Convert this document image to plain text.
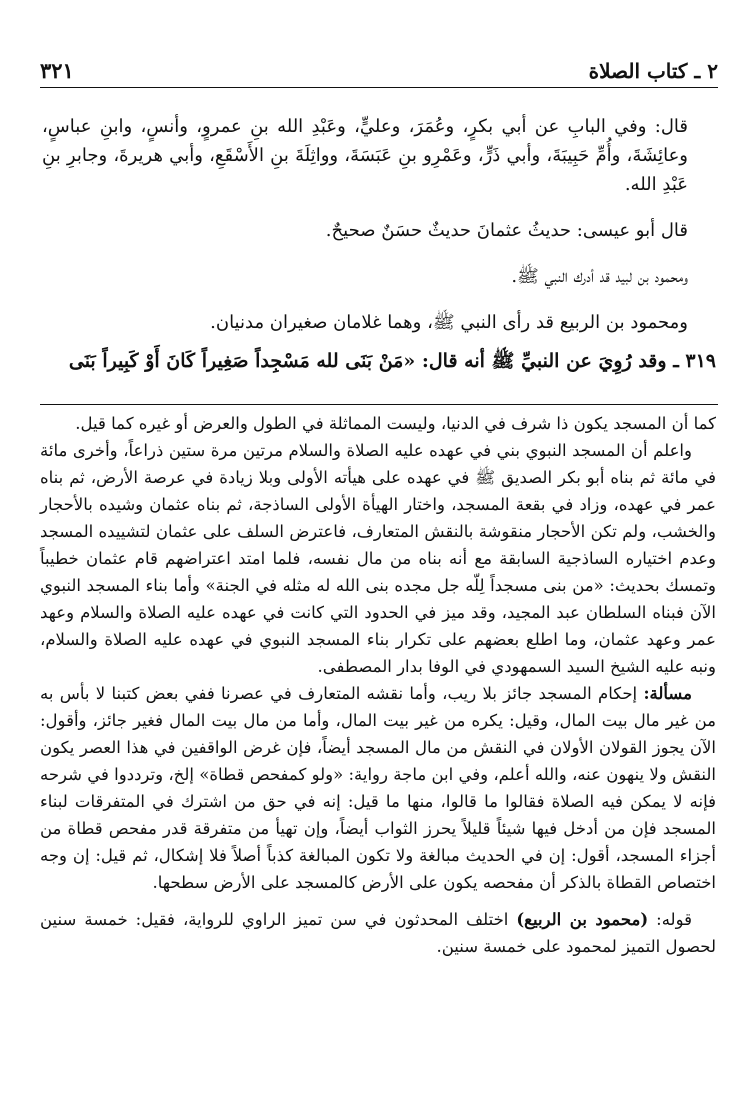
٢ ـ كتاب الصلاة
٣٢١

قال: وفي البابِ عن أبي بكرٍ، وعُمَرَ، وعليٍّ، وعَبْدِ الله بنِ عمروٍ، وأنسٍ، وابنِ عباسٍ، وعائِشَةَ، وأُمِّ حَبِيبَةَ، وأبي ذَرٍّ، وعَمْرِو بنِ عَبَسَةَ، وواثِلَةَ بنِ الأَسْقَعِ، وأبي هريرةَ، وجابرِ بنِ عَبْدِ الله.

قال أبو عيسى: حديثُ عثمانَ حديثٌ حسَنٌ صحيحٌ.

ومحمود بن لبيد قد أدرك النبي ﷺ.

ومحمود بن الربيع قد رأى النبي ﷺ، وهما غلامان صغيران مدنيان.

٣١٩ ـ وقد رُوِيَ عن النبيِّ ﷺ أنه قال: «مَنْ بَنَى لله مَسْجِداً صَغِيراً كَانَ أَوْ كَبِيراً بَنَى

كما أن المسجد يكون ذا شرف في الدنيا، وليست المماثلة في الطول والعرض أو غيره كما قيل.

واعلم أن المسجد النبوي بني في عهده عليه الصلاة والسلام مرتين مرة ستين ذراعاً، وأخرى مائة في مائة ثم بناه أبو بكر الصديق ﷺ في عهده على هيأته الأولى وبلا زيادة في عرصة الأرض، ثم بناه عمر في عهده، وزاد في بقعة المسجد، واختار الهيأة الأولى الساذجة، ثم بناه عثمان وشيده بالأحجار والخشب، ولم تكن الأحجار منقوشة بالنقش المتعارف، فاعترض السلف على عثمان لتشييده المسجد وعدم اختياره الساذجية السابقة مع أنه بناه من مال نفسه، فلما امتد اعتراضهم قام عثمان خطيباً وتمسك بحديث: «من بنى مسجداً لِلّه جل مجده بنى الله له مثله في الجنة» وأما بناء المسجد النبوي الآن فبناه السلطان عبد المجيد، وقد ميز في الحدود التي كانت في عهده عليه الصلاة والسلام وعهد عمر وعهد عثمان، وما اطلع بعضهم على تكرار بناء المسجد النبوي في عهده عليه الصلاة والسلام، ونبه عليه الشيخ السيد السمهودي في الوفا بدار المصطفى.

مسألة: إحكام المسجد جائز بلا ريب، وأما نقشه المتعارف في عصرنا ففي بعض كتبنا لا بأس به من غير مال بيت المال، وقيل: يكره من غير بيت المال، وأما من مال بيت المال فغير جائز، وأقول: الآن يجوز القولان الأولان في النقش من مال المسجد أيضاً، فإن غرض الواقفين في هذا العصر يكون النقش ولا ينهون عنه، والله أعلم، وفي ابن ماجة رواية: «ولو كمفحص قطاة» إلخ، وترددوا في شرحه فإنه لا يمكن فيه الصلاة فقالوا ما قالوا، منها ما قيل: إنه في حق من اشترك في المتفرقات لبناء المسجد فإن من أدخل فيها شيئاً قليلاً يحرز الثواب أيضاً، وإن تهيأ من متفرقة قدر مفحص قطاة من أجزاء المسجد، أقول: إن في الحديث مبالغة ولا تكون المبالغة كذباً أصلاً فلا إشكال، ثم قيل: إن وجه اختصاص القطاة بالذكر أن مفحصه يكون على الأرض كالمسجد على الأرض سطحها.

قوله: (محمود بن الربيع) اختلف المحدثون في سن تميز الراوي للرواية، فقيل: خمسة سنين لحصول التميز لمحمود على خمسة سنين.
